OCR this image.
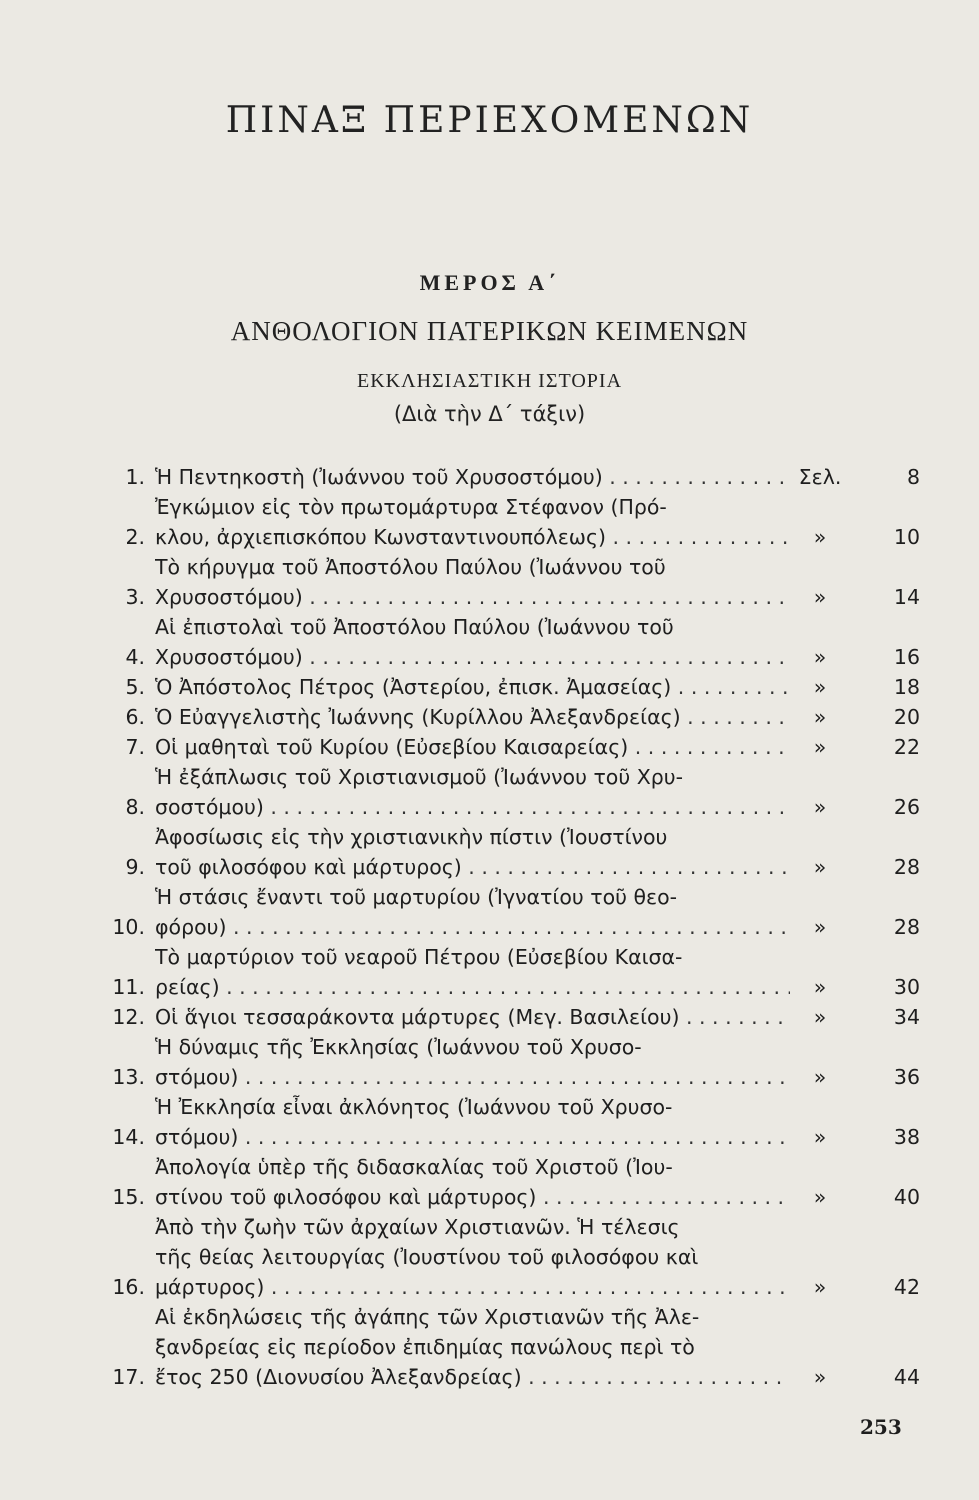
ΠΙΝΑΞ ΠΕΡΙΕΧΟΜΕΝΩΝ
ΜΕΡΟΣ Α΄
ΑΝΘΟΛΟΓΙΟΝ ΠΑΤΕΡΙΚΩΝ ΚΕΙΜΕΝΩΝ
ΕΚΚΛΗΣΙΑΣΤΙΚΗ ΙΣΤΟΡΙΑ
(Διὰ τὴν Δ΄ τάξιν)
1. Ἡ Πεντηκοστὴ (Ἰωάννου τοῦ Χρυσοστόμου) . . .	Σελ.	8
2.
Ἐγκώμιον εἰς τὸν πρωτομάρτυρα Στέφανον (Πρό-
κλου, ἀρχιεπισκόπου Κωνσταντινουπόλεως) . . .	»	10
3.
Τὸ κήρυγμα τοῦ Ἀποστόλου Παύλου (Ἰωάννου τοῦ
Χρυσοστόμου) . . .	»	14
4.
Αἱ ἐπιστολαὶ τοῦ Ἀποστόλου Παύλου (Ἰωάννου τοῦ
Χρυσοστόμου) . . .	»	16
5. Ὁ Ἀπόστολος Πέτρος (Ἀστερίου, ἐπισκ. Ἀμασείας) . . .	»	18
6. Ὁ Εὐαγγελιστὴς Ἰωάννης (Κυρίλλου Ἀλεξανδρείας) . . .	»	20
7. Οἱ μαθηταὶ τοῦ Κυρίου (Εὐσεβίου Καισαρείας) . . .	»	22
8.
Ἡ ἐξάπλωσις τοῦ Χριστιανισμοῦ (Ἰωάννου τοῦ Χρυ-
σοστόμου) . . .	»	26
9.
Ἀφοσίωσις εἰς τὴν χριστιανικὴν πίστιν (Ἰουστίνου
τοῦ φιλοσόφου καὶ μάρτυρος) . . .	»	28
10.
Ἡ στάσις ἔναντι τοῦ μαρτυρίου (Ἰγνατίου τοῦ θεο-
φόρου) . . .	»	28
11.
Τὸ μαρτύριον τοῦ νεαροῦ Πέτρου (Εὐσεβίου Καισα-
ρείας) . . .	»	30
12. Οἱ ἅγιοι τεσσαράκοντα μάρτυρες (Μεγ. Βασιλείου) . . .	»	34
13.
Ἡ δύναμις τῆς Ἐκκλησίας (Ἰωάννου τοῦ Χρυσο-
στόμου) . . .	»	36
14.
Ἡ Ἐκκλησία εἶναι ἀκλόνητος (Ἰωάννου τοῦ Χρυσο-
στόμου) . . .	»	38
15.
Ἀπολογία ὑπὲρ τῆς διδασκαλίας τοῦ Χριστοῦ (Ἰου-
στίνου τοῦ φιλοσόφου καὶ μάρτυρος) . . .	»	40
16.
Ἀπὸ τὴν ζωὴν τῶν ἀρχαίων Χριστιανῶν. Ἡ τέλεσις
τῆς θείας λειτουργίας (Ἰουστίνου τοῦ φιλοσόφου καὶ
μάρτυρος) . . .	»	42
17.
Αἱ ἐκδηλώσεις τῆς ἀγάπης τῶν Χριστιανῶν τῆς Ἀλε-
ξανδρείας εἰς περίοδον ἐπιδημίας πανώλους περὶ τὸ
ἔτος 250 (Διονυσίου Ἀλεξανδρείας) . . .	»	44
253
